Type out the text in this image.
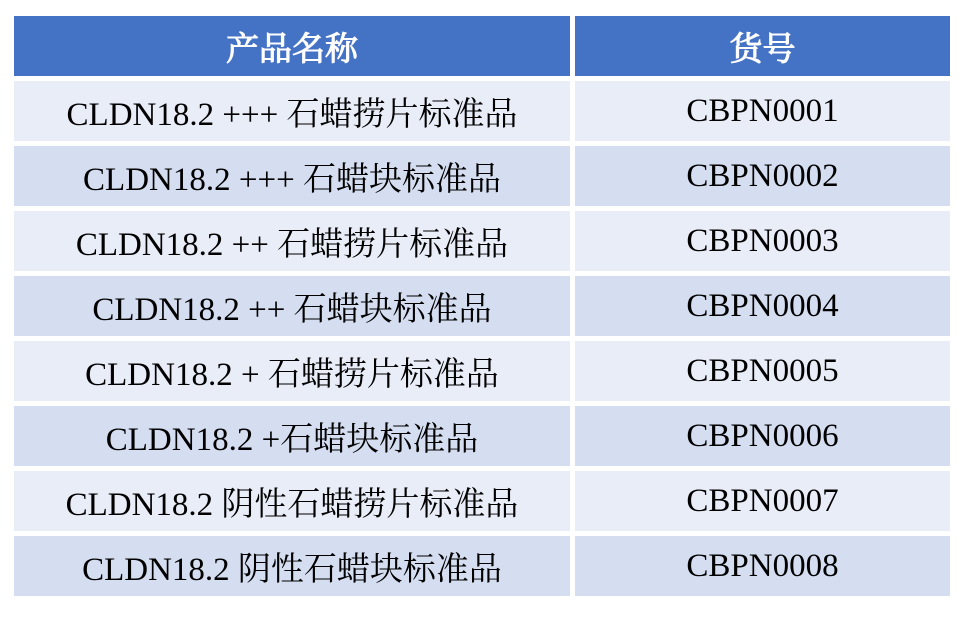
产品名称	货号
CLDN18.2 +++ 石蜡捞片标准品	CBPN0001
CLDN18.2 +++ 石蜡块标准品	CBPN0002
CLDN18.2 ++ 石蜡捞片标准品	CBPN0003
CLDN18.2 ++ 石蜡块标准品	CBPN0004
CLDN18.2 + 石蜡捞片标准品	CBPN0005
CLDN18.2 +石蜡块标准品	CBPN0006
CLDN18.2 阴性石蜡捞片标准品	CBPN0007
CLDN18.2 阴性石蜡块标准品	CBPN0008
